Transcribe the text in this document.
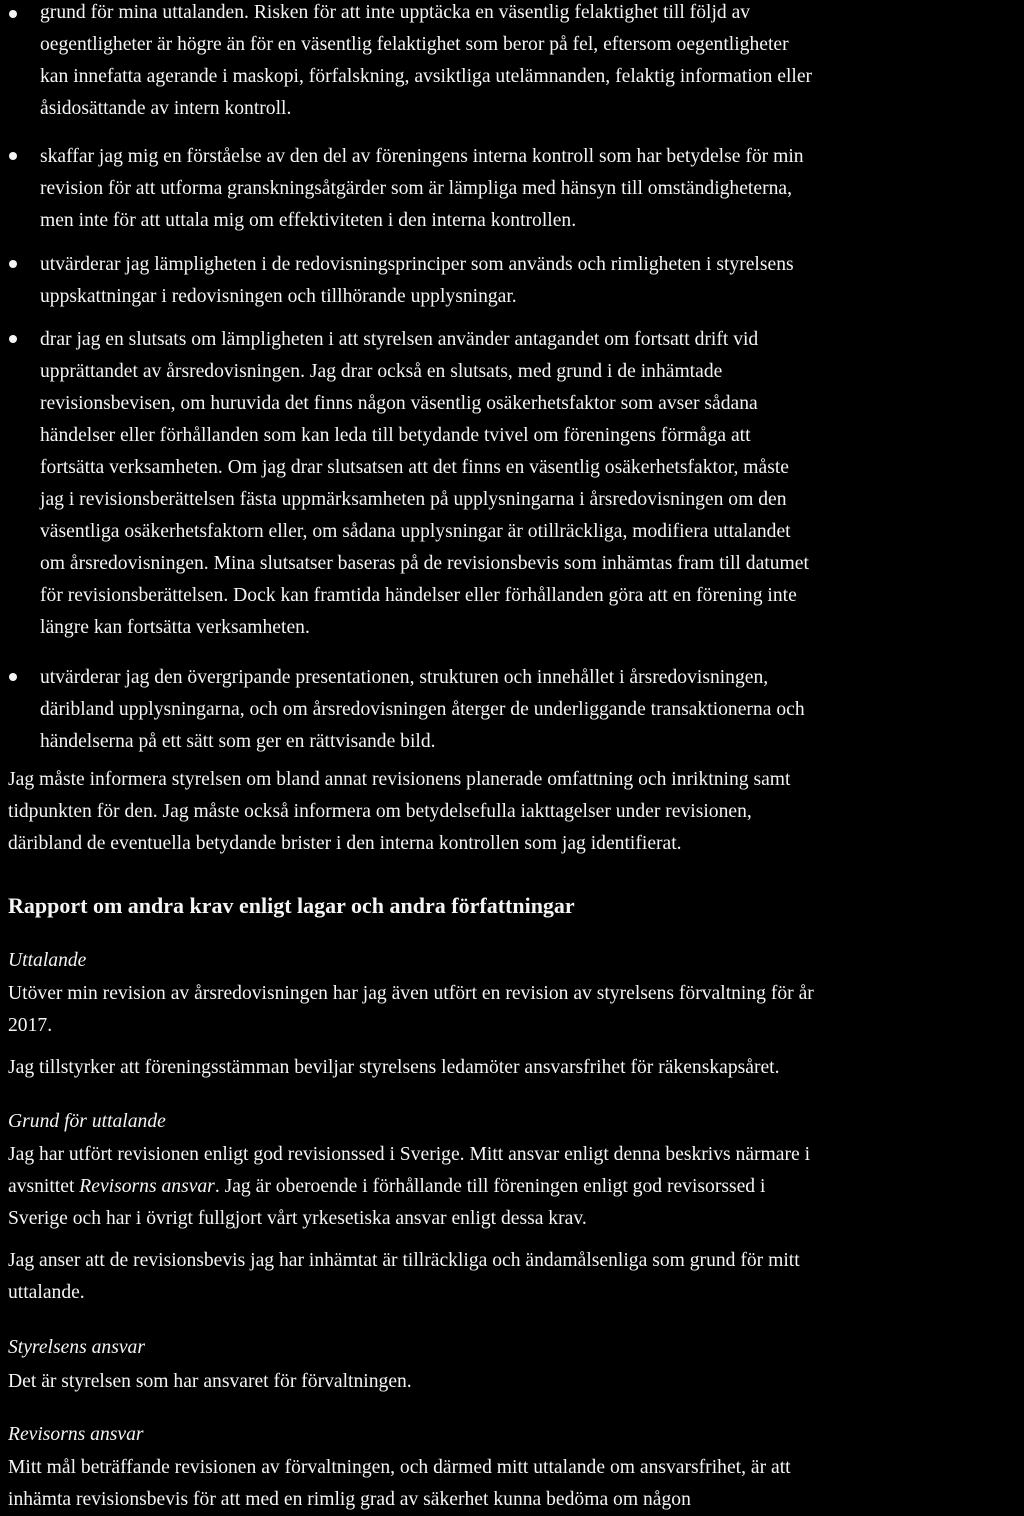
grund för mina uttalanden. Risken för att inte upptäcka en väsentlig felaktighet till följd av
oegentligheter är högre än för en väsentlig felaktighet som beror på fel, eftersom oegentligheter
kan innefatta agerande i maskopi, förfalskning, avsiktliga utelämnanden, felaktig information eller
åsidosättande av intern kontroll.

skaffar jag mig en förståelse av den del av föreningens interna kontroll som har betydelse för min
revision för att utforma granskningsåtgärder som är lämpliga med hänsyn till omständigheterna,
men inte för att uttala mig om effektiviteten i den interna kontrollen.

utvärderar jag lämpligheten i de redovisningsprinciper som används och rimligheten i styrelsens
uppskattningar i redovisningen och tillhörande upplysningar.

drar jag en slutsats om lämpligheten i att styrelsen använder antagandet om fortsatt drift vid
upprättandet av årsredovisningen. Jag drar också en slutsats, med grund i de inhämtade
revisionsbevisen, om huruvida det finns någon väsentlig osäkerhetsfaktor som avser sådana
händelser eller förhållanden som kan leda till betydande tvivel om föreningens förmåga att
fortsätta verksamheten. Om jag drar slutsatsen att det finns en väsentlig osäkerhetsfaktor, måste
jag i revisionsberättelsen fästa uppmärksamheten på upplysningarna i årsredovisningen om den
väsentliga osäkerhetsfaktorn eller, om sådana upplysningar är otillräckliga, modifiera uttalandet
om årsredovisningen. Mina slutsatser baseras på de revisionsbevis som inhämtas fram till datumet
för revisionsberättelsen. Dock kan framtida händelser eller förhållanden göra att en förening inte
längre kan fortsätta verksamheten.

utvärderar jag den övergripande presentationen, strukturen och innehållet i årsredovisningen,
däribland upplysningarna, och om årsredovisningen återger de underliggande transaktionerna och
händelserna på ett sätt som ger en rättvisande bild.

Jag måste informera styrelsen om bland annat revisionens planerade omfattning och inriktning samt
tidpunkten för den. Jag måste också informera om betydelsefulla iakttagelser under revisionen,
däribland de eventuella betydande brister i den interna kontrollen som jag identifierat.

Rapport om andra krav enligt lagar och andra författningar
Uttalande

Utöver min revision av årsredovisningen har jag även utfört en revision av styrelsens förvaltning för år
2017.

Jag tillstyrker att föreningsstämman beviljar styrelsens ledamöter ansvarsfrihet för räkenskapsåret.

Grund för uttalande

Jag har utfört revisionen enligt god revisionssed i Sverige. Mitt ansvar enligt denna beskrivs närmare i
avsnittet Revisorns ansvar. Jag är oberoende i förhållande till föreningen enligt god revisorssed i
Sverige och har i övrigt fullgjort vårt yrkesetiska ansvar enligt dessa krav.

Jag anser att de revisionsbevis jag har inhämtat är tillräckliga och ändamålsenliga som grund för mitt
uttalande.

Styrelsens ansvar

Det är styrelsen som har ansvaret för förvaltningen.

Revisorns ansvar

Mitt mål beträffande revisionen av förvaltningen, och därmed mitt uttalande om ansvarsfrihet, är att
inhämta revisionsbevis för att med en rimlig grad av säkerhet kunna bedöma om någon
